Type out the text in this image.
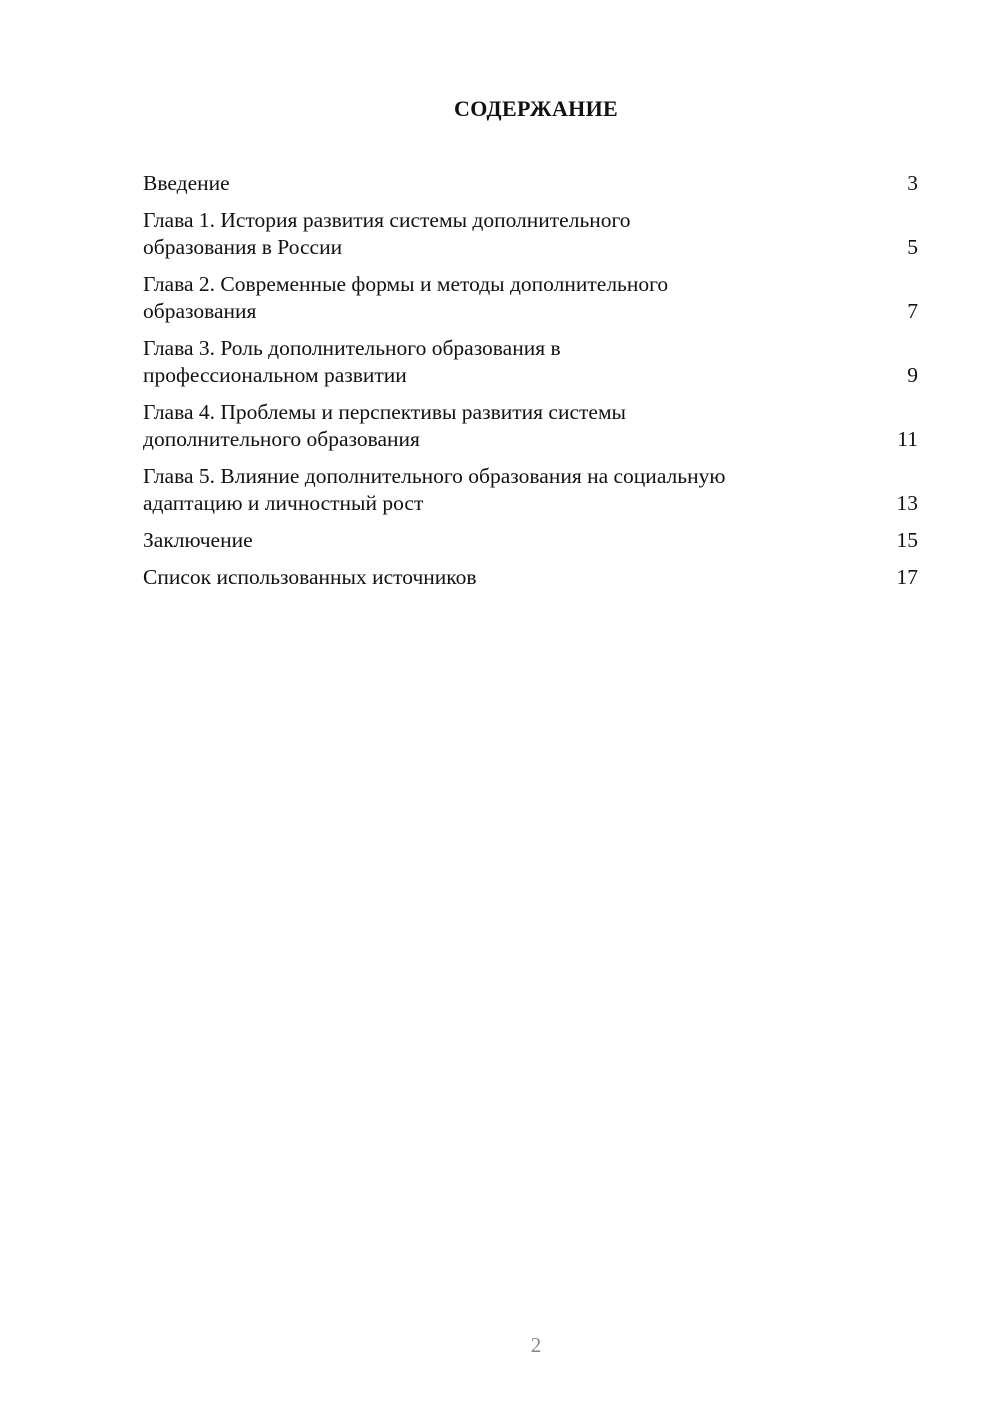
СОДЕРЖАНИЕ
Введение	3
Глава 1. История развития системы дополнительного
образования в России	5
Глава 2. Современные формы и методы дополнительного
образования	7
Глава 3. Роль дополнительного образования в
профессиональном развитии	9
Глава 4. Проблемы и перспективы развития системы
дополнительного образования	11
Глава 5. Влияние дополнительного образования на социальную
адаптацию и личностный рост	13
Заключение	15
Список использованных источников	17
2
